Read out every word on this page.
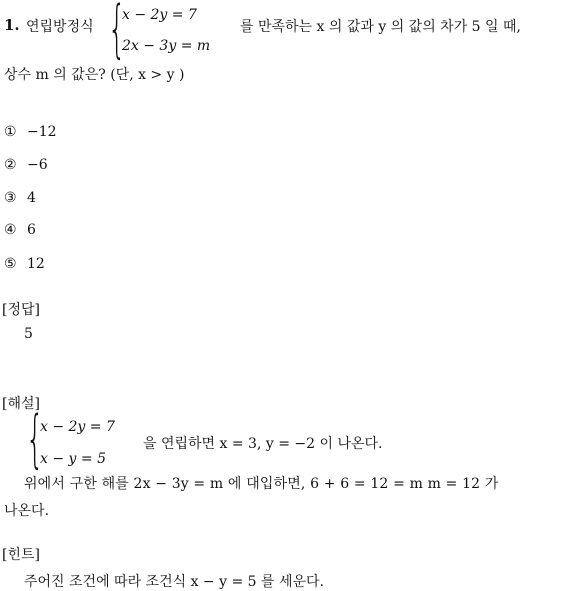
1. 연립방정식 {
x − 2y = 7
2x − 3y = m
를 만족하는 x 의 값과 y 의 값의 차가 5 일 때,
상수 m 의 값은? (단, x > y )
① −12
② −6
③ 4
④ 6
⑤ 12
[정답]
5
[해설]
{
x − 2y = 7
x − y = 5
을 연립하면 x = 3, y = −2 이 나온다.
위에서 구한 해를 2x − 3y = m 에 대입하면, 6 + 6 = 12 = m m = 12 가
나온다.
[힌트]
주어진 조건에 따라 조건식 x − y = 5 를 세운다.
